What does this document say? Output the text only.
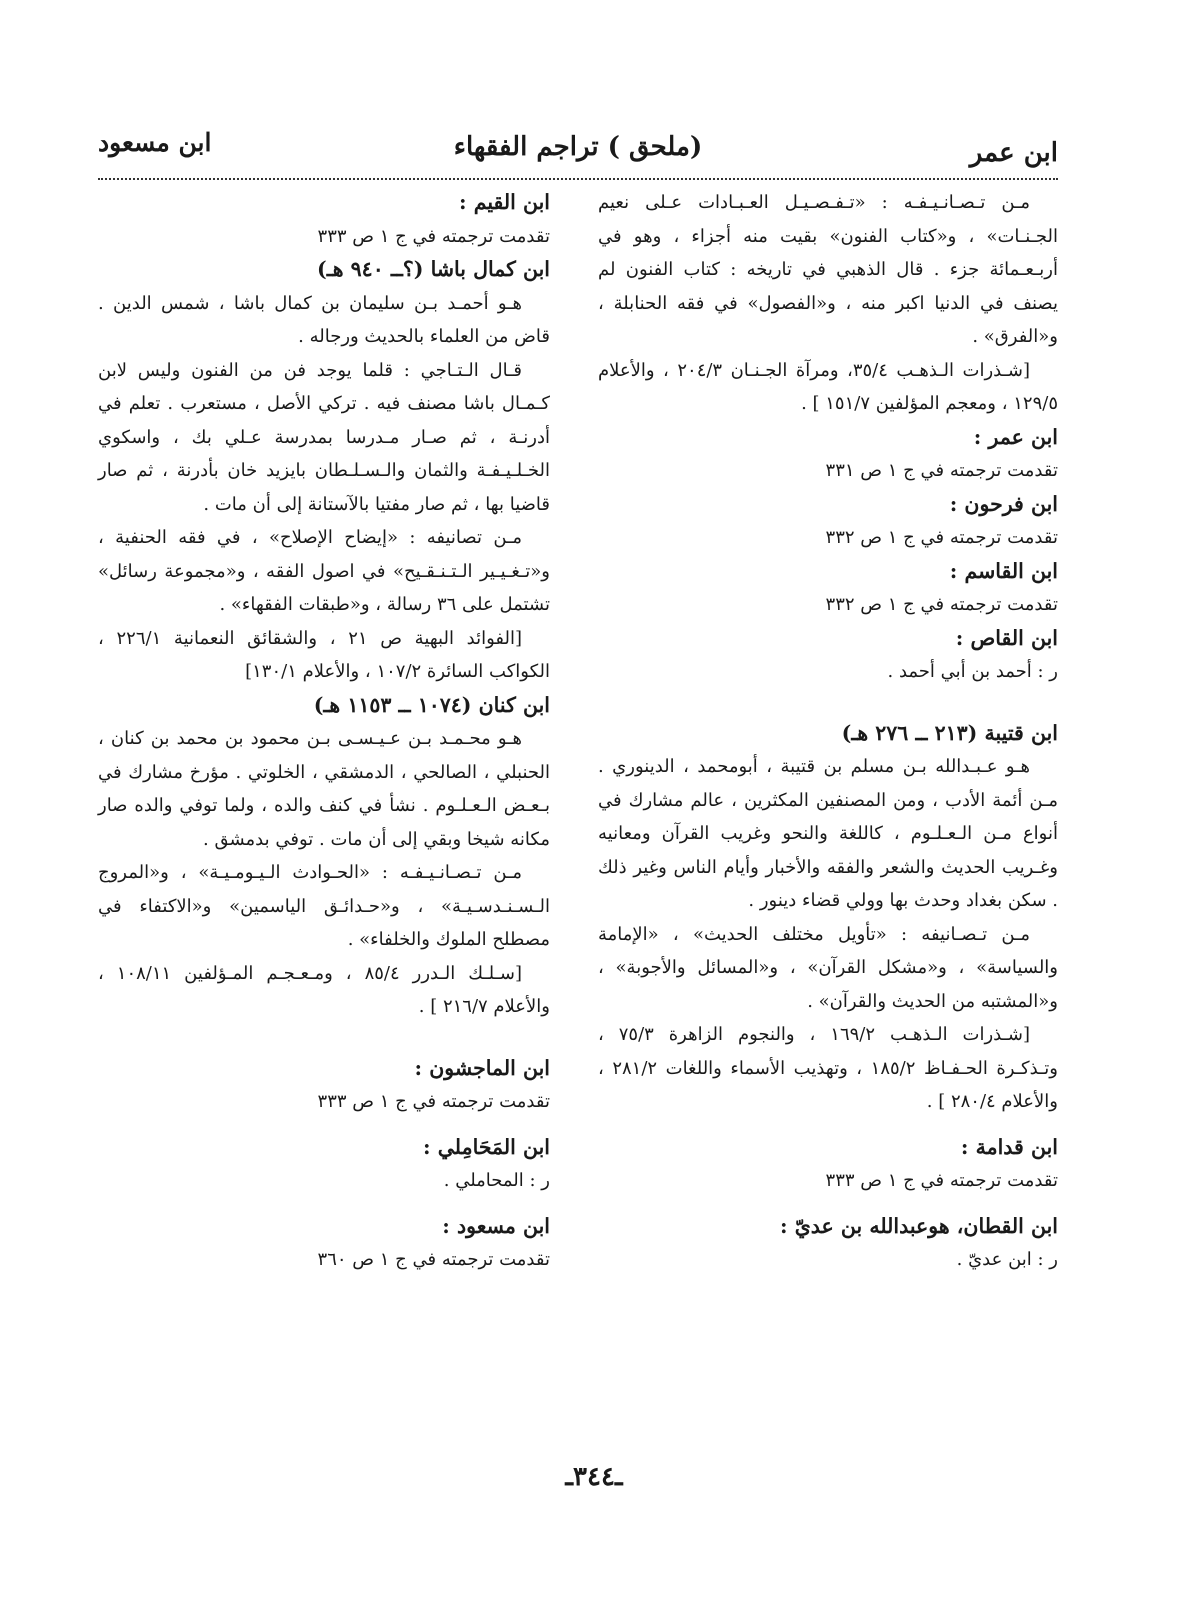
ابن عمر
(ملحق ) تراجم الفقهاء
ابن مسعود

مـن تـصـانـيـفـه : «تـفـصـيـل العـبـادات عـلى نعيم الجـنـات» ، و«كتاب الفنون» بقيت منه أجزاء ، وهو في أربـعـمائة جزء . قال الذهبي في تاريخه : كتاب الفنون لم يصنف في الدنيا اكبر منه ، و«الفصول» في فقه الحنابلة ، و«الفرق» .

[شـذرات الـذهـب ٣٥/٤، ومرآة الجـنـان ٢٠٤/٣ ، والأعلام ١٢٩/٥ ، ومعجم المؤلفين ١٥١/٧ ] .

ابن عمر :

تقدمت ترجمته في ج ١ ص ٣٣١

ابن فرحون :

تقدمت ترجمته في ج ١ ص ٣٣٢

ابن القاسم :

تقدمت ترجمته في ج ١ ص ٣٣٢

ابن القاص :

ر : أحمد بن أبي أحمد .

ابن قتيبة (٢١٣ ــ ٢٧٦ هـ)

هـو عـبـدالله بـن مسلم بن قتيبة ، أبومحمد ، الدينوري . مـن أئمة الأدب ، ومن المصنفين المكثرين ، عالم مشارك في أنواع مـن الـعـلـوم ، كاللغة والنحو وغريب القرآن ومعانيه وغـريب الحديث والشعر والفقه والأخبار وأيام الناس وغير ذلك . سكن بغداد وحدث بها وولي قضاء دينور .

مـن تـصـانيفه : «تأويل مختلف الحديث» ، «الإمامة والسياسة» ، و«مشكل القرآن» ، و«المسائل والأجوبة» ، و«المشتبه من الحديث والقرآن» .

[شـذرات الـذهـب ١٦٩/٢ ، والنجوم الزاهرة ٧٥/٣ ، وتـذكـرة الحـفـاظ ١٨٥/٢ ، وتهذيب الأسماء واللغات ٢٨١/٢ ، والأعلام ٢٨٠/٤ ] .

ابن قدامة :

تقدمت ترجمته في ج ١ ص ٣٣٣

ابن القطان، هوعبدالله بن عديّ :

ر : ابن عديّ .

ابن القيم :

تقدمت ترجمته في ج ١ ص ٣٣٣

ابن كمال باشا (؟ــ ٩٤٠ هـ)

هـو أحمـد بـن سليمان بن كمال باشا ، شمس الدين . قاض من العلماء بالحديث ورجاله .

قـال الـتـاجي : قلما يوجد فن من الفنون وليس لابن كـمـال باشا مصنف فيه . تركي الأصل ، مستعرب . تعلم في أدرنـة ، ثم صـار مـدرسا بمدرسة عـلي بك ، واسكوي الخـلـيـفـة والثمان والـسـلـطان بايزيد خان بأدرنة ، ثم صار قاضيا بها ، ثم صار مفتيا بالآستانة إلى أن مات .

مـن تصانيفه : «إيضاح الإصلاح» ، في فقه الحنفية ، و«تـغـيـير الـتـنـقـيح» في اصول الفقه ، و«مجموعة رسائل» تشتمل على ٣٦ رسالة ، و«طبقات الفقهاء» .

[الفوائد البهية ص ٢١ ، والشقائق النعمانية ٢٢٦/١ ، الكواكب السائرة ١٠٧/٢ ، والأعلام ١٣٠/١]

ابن كنان (١٠٧٤ ــ ١١٥٣ هـ)

هـو محـمـد بـن عـيـسـى بـن محمود بن محمد بن كنان ، الحنبلي ، الصالحي ، الدمشقي ، الخلوتي . مؤرخ مشارك في بـعـض الـعـلـوم . نشأ في كنف والده ، ولما توفي والده صار مكانه شيخا وبقي إلى أن مات . توفي بدمشق .

مـن تـصـانـيـفـه : «الحـوادث الـيـومـيـة» ، و«المروج الـسـنـدسـيـة» ، و«حـدائـق الياسمين» و«الاكتفاء في مصطلح الملوك والخلفاء» .

[سـلـك الـدرر ٨٥/٤ ، ومـعـجـم المـؤلفين ١٠٨/١١ ، والأعلام ٢١٦/٧ ] .

ابن الماجشون :

تقدمت ترجمته في ج ١ ص ٣٣٣

ابن المَحَامِلي :

ر : المحاملي .

ابن مسعود :

تقدمت ترجمته في ج ١ ص ٣٦٠

ـ٣٤٤ـ
